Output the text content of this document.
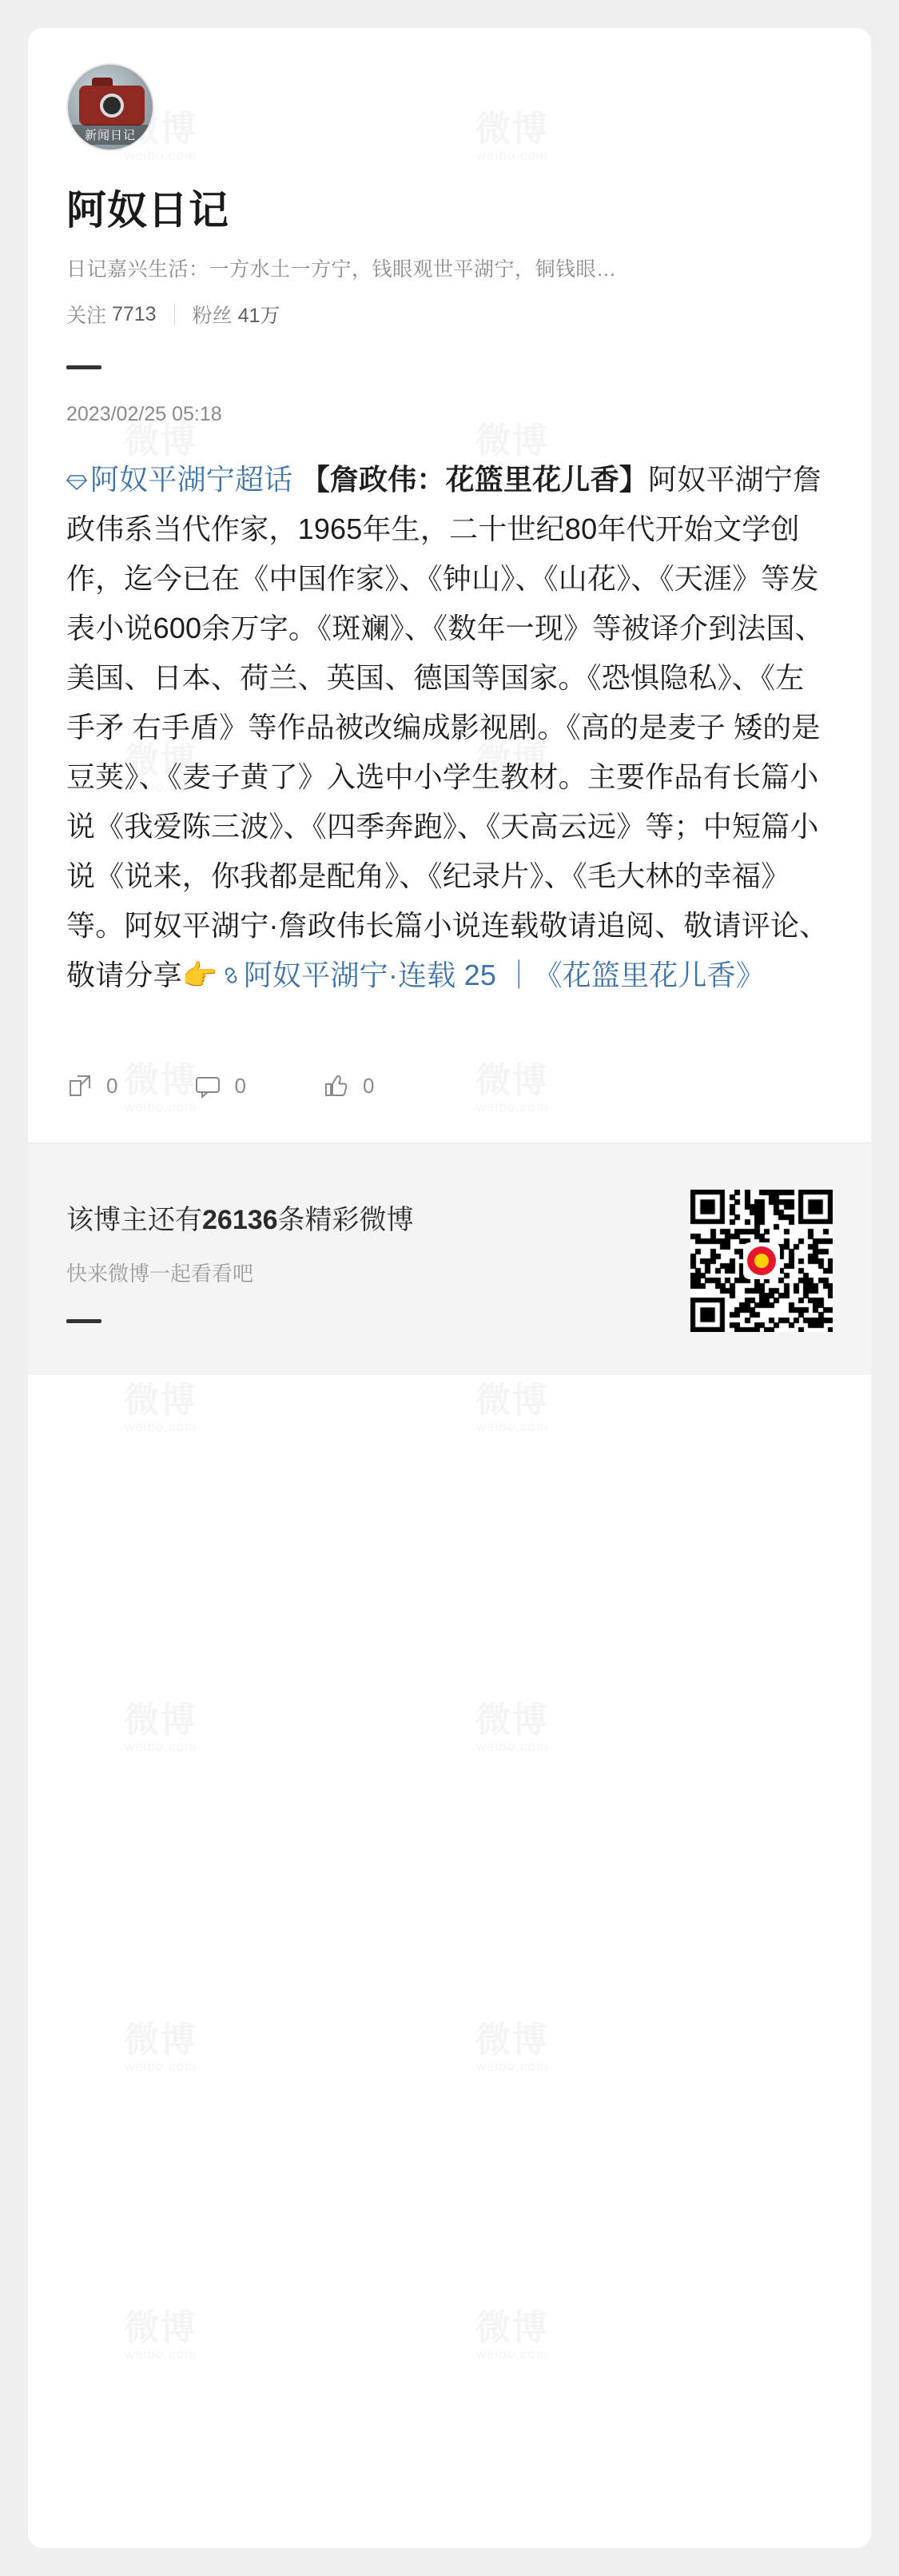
新闻日记
阿奴日记
日记嘉兴生活：一方水土一方宁，钱眼观世平湖宁，铜钱眼…
关注
7713 粉丝
41万
2023/02/25 05:18
阿奴平湖宁超话 【詹政伟：花篮里花儿香】阿奴平湖宁詹政伟系当代作家，1965年生，二十世纪80年代开始文学创作，迄今已在《中国作家》、《钟山》、《山花》、《天涯》等发表小说600余万字。《斑斓》、《数年一现》等被译介到法国、美国、日本、荷兰、英国、德国等国家。《恐惧隐私》、《左手矛 右手盾》等作品被改编成影视剧。《高的是麦子 矮的是豆荚》、《麦子黄了》入选中小学生教材。主要作品有长篇小说《我爱陈三波》、《四季奔跑》、《天高云远》等；中短篇小说《说来，你我都是配角》、《纪录片》、《毛大林的幸福》等。阿奴平湖宁·詹政伟长篇小说连载敬请追阅、敬请评论、敬请分享👉 阿奴平湖宁·连载 25 ｜《花篮里花儿香》
0	0	0
该博主还有26136条精彩微博
快来微博一起看看吧
